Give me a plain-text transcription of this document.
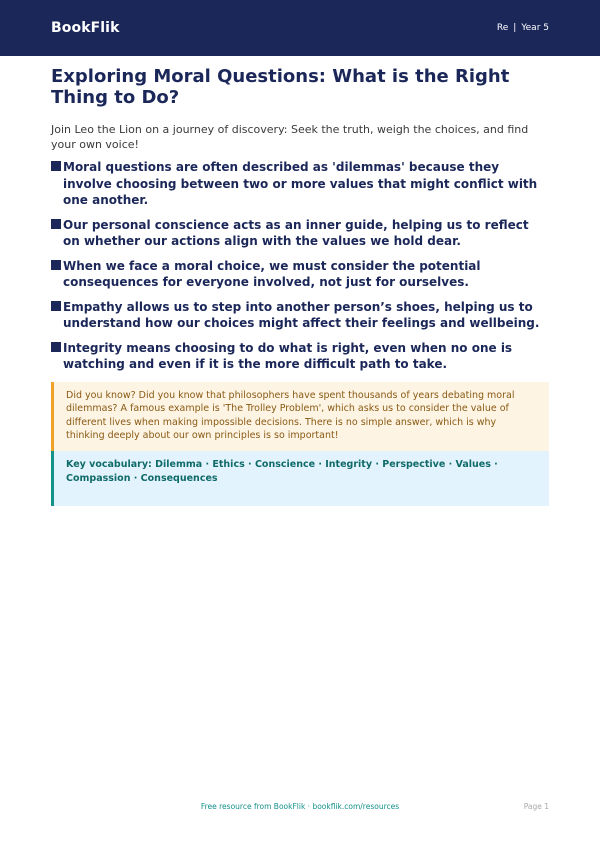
BookFlik	Re | Year 5
Exploring Moral Questions: What is the Right Thing to Do?

Join Leo the Lion on a journey of discovery: Seek the truth, weigh the choices, and find your own voice!

Moral questions are often described as 'dilemmas' because they involve choosing between two or more values that might conflict with one another.

Our personal conscience acts as an inner guide, helping us to reflect on whether our actions align with the values we hold dear.

When we face a moral choice, we must consider the potential consequences for everyone involved, not just for ourselves.

Empathy allows us to step into another person’s shoes, helping us to understand how our choices might affect their feelings and wellbeing.

Integrity means choosing to do what is right, even when no one is watching and even if it is the more difficult path to take.

Did you know? Did you know that philosophers have spent thousands of years debating moral dilemmas? A famous example is 'The Trolley Problem', which asks us to consider the value of different lives when making impossible decisions. There is no simple answer, which is why thinking deeply about our own principles is so important!

Key vocabulary: Dilemma · Ethics · Conscience · Integrity · Perspective · Values · Compassion · Consequences

Free resource from BookFlik · bookflik.com/resources	Page 1
